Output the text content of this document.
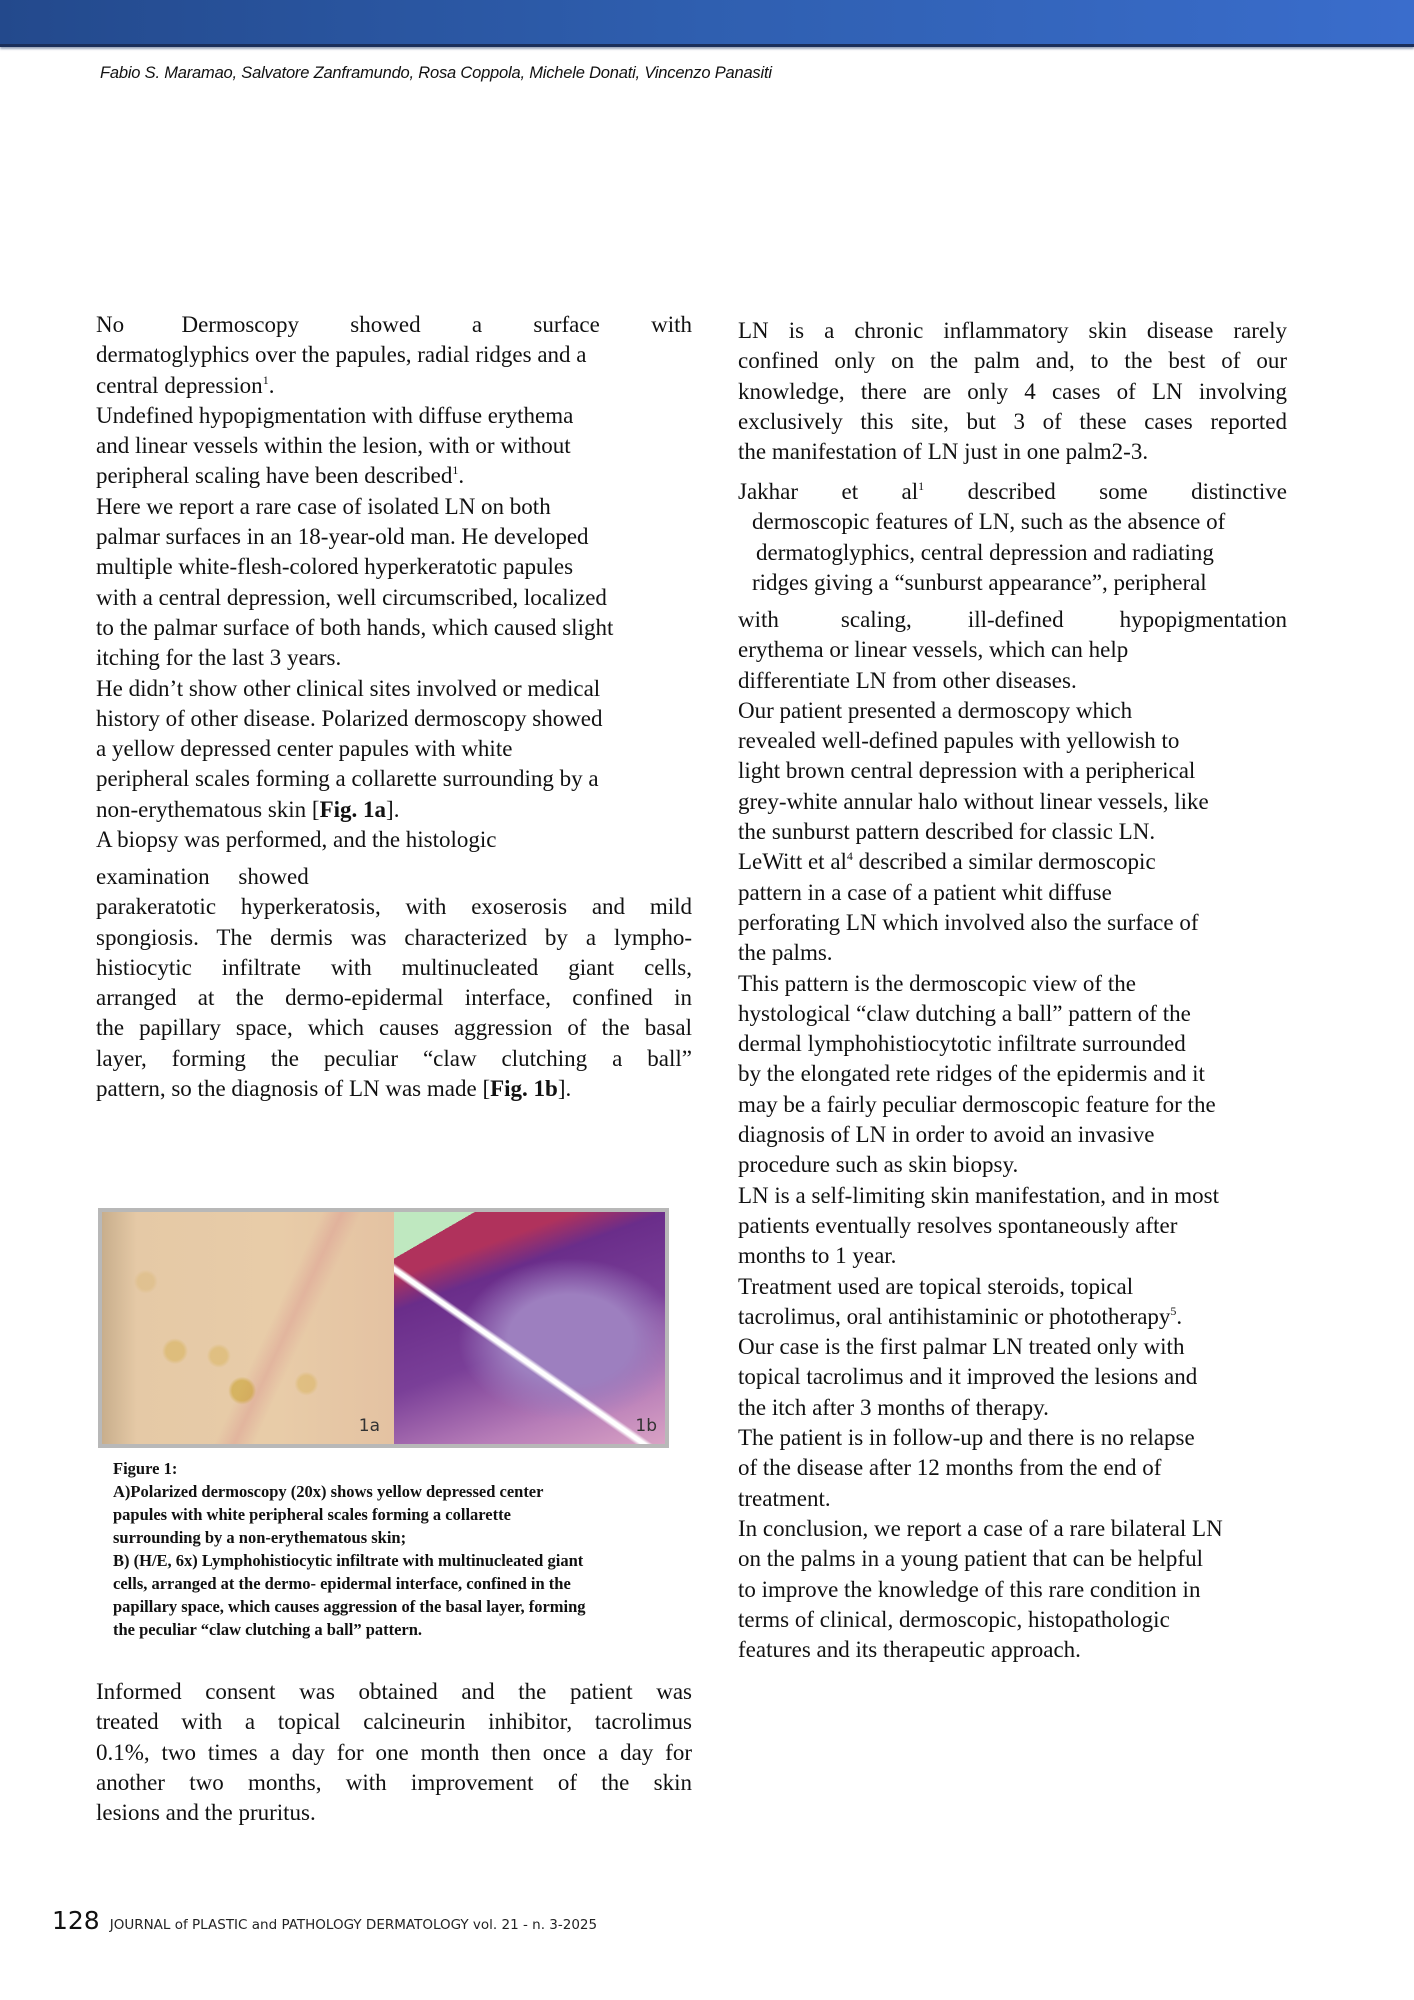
Fabio S. Maramao, Salvatore Zanframundo, Rosa Coppola, Michele Donati, Vincenzo Panasiti
No Dermoscopy showed a surface with
dermatoglyphics over the papules, radial ridges and a
central depression$^1$.
Undefined hypopigmentation with diffuse erythema
and linear vessels within the lesion, with or without
peripheral scaling have been described$^1$.
Here we report a rare case of isolated LN on both
palmar surfaces in an 18-year-old man. He developed
multiple white-flesh-colored hyperkeratotic papules
with a central depression, well circumscribed, localized
to the palmar surface of both hands, which caused slight
itching for the last 3 years.
He didn’t show other clinical sites involved or medical
history of other disease. Polarized dermoscopy showed
a yellow depressed center papules with white
peripheral scales forming a collarette surrounding by a
non-erythematous skin [Fig. 1a].
A biopsy was performed, and the histologic
examination     showed
parakeratotic hyperkeratosis, with exoserosis and mild
spongiosis. The dermis was characterized by a lympho-
histiocytic infiltrate with multinucleated giant cells,
arranged at the dermo-epidermal interface, confined in
the papillary space, which causes aggression of the basal
layer, forming the peculiar “claw clutching a ball”
pattern, so the diagnosis of LN was made [Fig. 1b].
1a	1b
Figure 1:
A)Polarized dermoscopy (20x) shows yellow depressed center
papules with white peripheral scales forming a collarette
surrounding by a non-erythematous skin;
B) (H/E, 6x) Lymphohistiocytic infiltrate with multinucleated giant
cells, arranged at the dermo- epidermal interface, confined in the
papillary space, which causes aggression of the basal layer, forming
the peculiar “claw clutching a ball” pattern.
Informed consent was obtained and the patient was
treated with a topical calcineurin inhibitor, tacrolimus
0.1%, two times a day for one month then once a day for
another two months, with improvement of the skin
lesions and the pruritus.
LN is a chronic inflammatory skin disease rarely
confined only on the palm and, to the best of our
knowledge, there are only 4 cases of LN involving
exclusively this site, but 3 of these cases reported
the manifestation of LN just in one palm2-3.
Jakhar et $al^1$ described some distinctive
dermoscopic features of LN, such as the absence of
dermatoglyphics, central depression and radiating
ridges giving a “sunburst appearance”, peripheral
with	scaling, ill-defined hypopigmentation
erythema or linear vessels, which can help
differentiate LN from other diseases.
Our patient presented a dermoscopy which
revealed well-defined papules with yellowish to
light brown central depression with a peripherical
grey-white annular halo without linear vessels, like
the sunburst pattern described for classic LN.
LeWitt et $al^4$ described a similar dermoscopic
pattern in a case of a patient whit diffuse
perforating LN which involved also the surface of
the palms.
This pattern is the dermoscopic view of the
hystological “claw dutching a ball” pattern of the
dermal lymphohistiocytotic infiltrate surrounded
by the elongated rete ridges of the epidermis and it
may be a fairly peculiar dermoscopic feature for the
diagnosis of LN in order to avoid an invasive
procedure such as skin biopsy.
LN is a self-limiting skin manifestation, and in most
patients eventually resolves spontaneously after
months to 1 year.
Treatment used are topical steroids, topical
tacrolimus, oral antihistaminic or phototherapy$^5$.
Our case is the first palmar LN treated only with
topical tacrolimus and it improved the lesions and
the itch after 3 months of therapy.
The patient is in follow-up and there is no relapse
of the disease after 12 months from the end of
treatment.
In conclusion, we report a case of a rare bilateral LN
on the palms in a young patient that can be helpful
to improve the knowledge of this rare condition in
terms of clinical, dermoscopic, histopathologic
features and its therapeutic approach.
128 JOURNAL of PLASTIC and PATHOLOGY DERMATOLOGY vol. 21 - n. 3-2025
